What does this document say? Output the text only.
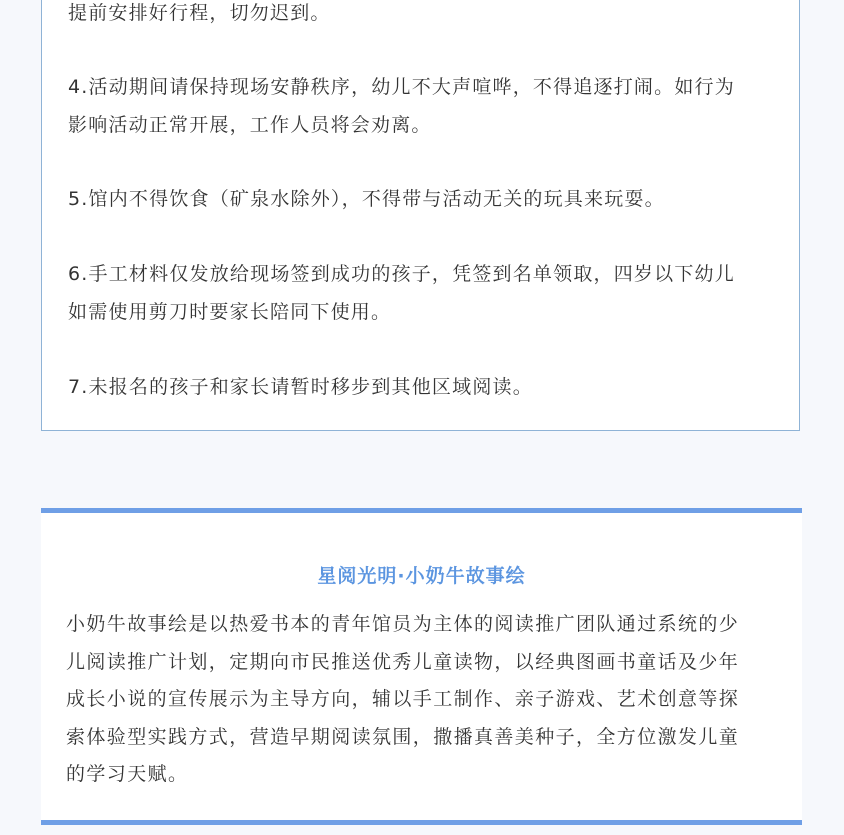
提前安排好行程，切勿迟到。

4.活动期间请保持现场安静秩序，幼儿不大声喧哗，不得追逐打闹。如行为
影响活动正常开展，工作人员将会劝离。

5.馆内不得饮食（矿泉水除外），不得带与活动无关的玩具来玩耍。

6.手工材料仅发放给现场签到成功的孩子，凭签到名单领取，四岁以下幼儿
如需使用剪刀时要家长陪同下使用。

7.未报名的孩子和家长请暂时移步到其他区域阅读。

星阅光明·小奶牛故事绘

小奶牛故事绘是以热爱书本的青年馆员为主体的阅读推广团队通过系统的少
儿阅读推广计划，定期向市民推送优秀儿童读物，以经典图画书童话及少年
成长小说的宣传展示为主导方向，辅以手工制作、亲子游戏、艺术创意等探
索体验型实践方式，营造早期阅读氛围，撒播真善美种子，全方位激发儿童
的学习天赋。
